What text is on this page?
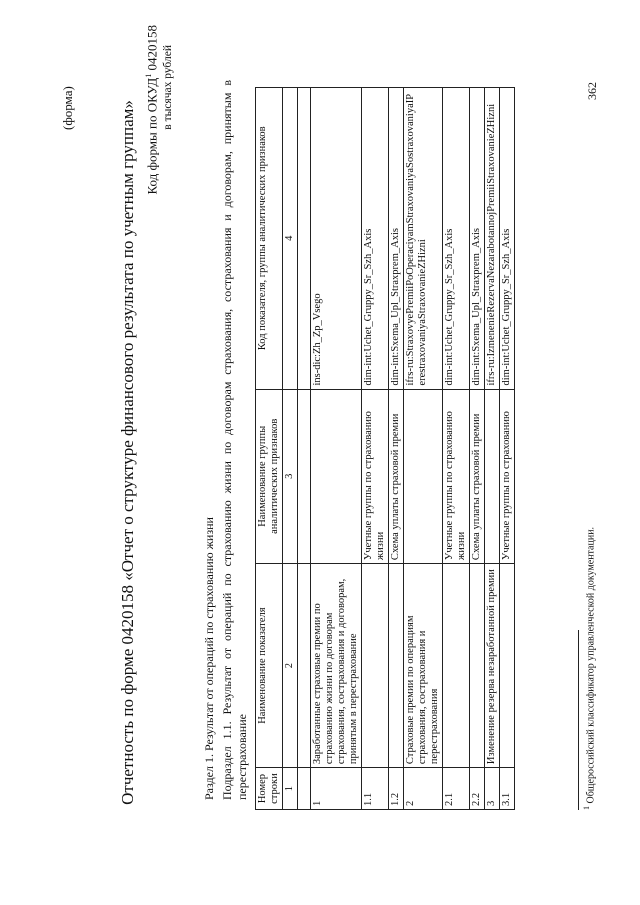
(форма)	Отчетность по форме 0420158 «Отчет о структуре финансового результата по учетным группам» Код формы по ОКУД$^1$ 0420158 в тысячах рублей
Раздел 1. Результат от операций по страхованию жизни Подраздел 1.1. Результат от операций по страхованию жизни по договорам страхования, сострахования и договорам, принятым в перестрахование Номер строки	Наименование показателя	Наименование группы аналитических признаков	Код показателя, группы аналитических признаков
1	2	3	4

1	Заработанные страховые премии по страхованию жизни по договорам страхования, сострахования и договорам, принятым в перестрахование		ins-dic:Zh_Zp_Vsego
1.1		Учетные группы по страхованию жизни	dim-int:Uchet_Gruppy_Sr_Szh_Axis
1.2		Схема уплаты страховой премии	dim-int:Sxema_Upl_Straxprem_Axis
2	Страховые премии по операциям страхования, сострахования и перестрахования		ifrs-ru:StraxovyePremiiPoOperaciyamStraxovaniyaSostraxovaniyaIPerestraxovaniyaStraxovanieZHizni
2.1		Учетные группы по страхованию жизни	dim-int:Uchet_Gruppy_Sr_Szh_Axis
2.2		Схема уплаты страховой премии	dim-int:Sxema_Upl_Straxprem_Axis
3	Изменение резерва незаработанной премии		ifrs-ru:IzmenenieRezervaNezarabotannojPremiiStraxovanieZHizni
3.1		Учетные группы по страхованию	dim-int:Uchet_Gruppy_Sr_Szh_Axis
$^1$ Общероссийский классификатор управленческой документации.
362
